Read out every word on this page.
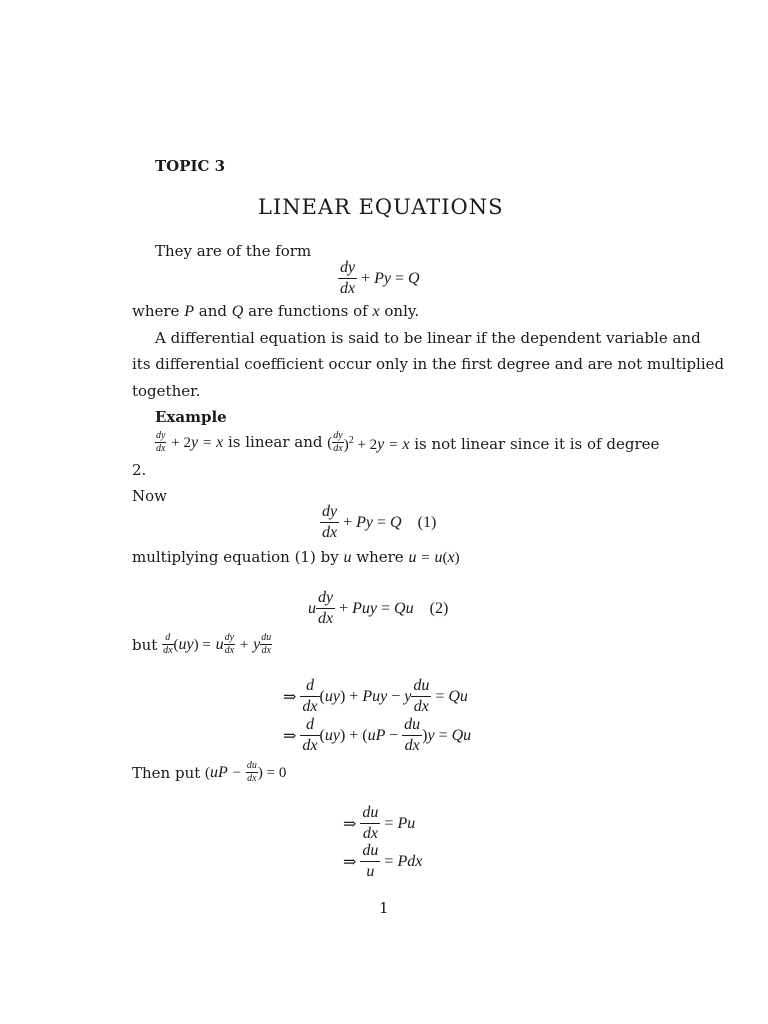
TOPIC 3
LINEAR EQUATIONS
They are of the form
$\frac{dy}{dx} + Py = Q$
where P and Q are functions of x only.
A differential equation is said to be linear if the dependent variable and
its differential coefficient occur only in the first degree and are not multiplied
together.
Example
$\frac{dy}{dx} + 2y = x$ is linear and ( $\frac{dy}{dx} )^2 + 2y = x$ is not linear since it is of degree
2.
Now
$\frac{dy}{dx} + Py = Q$ (1)
multiplying equation (1) by u where u = u(x)
u $\frac{dy}{dx}$ + Puy = Qu (2)
but
$\frac{d}{dx} (uy) = u \frac{dy}{dx} + y \frac{du}{dx}$
⇒ $\frac{d}{dx} (uy)$ + Puy − y $\frac{du}{dx} = Qu$
⇒ $\frac{d}{dx} (uy) + (uP - \frac{du}{dx} )y = Qu$
Then put
($uP - \frac{du}{dx}$ ) = 0
⇒ $\frac{du}{dx} = Pu$
⇒ $\frac{du}{u}$ = Pdx
1
